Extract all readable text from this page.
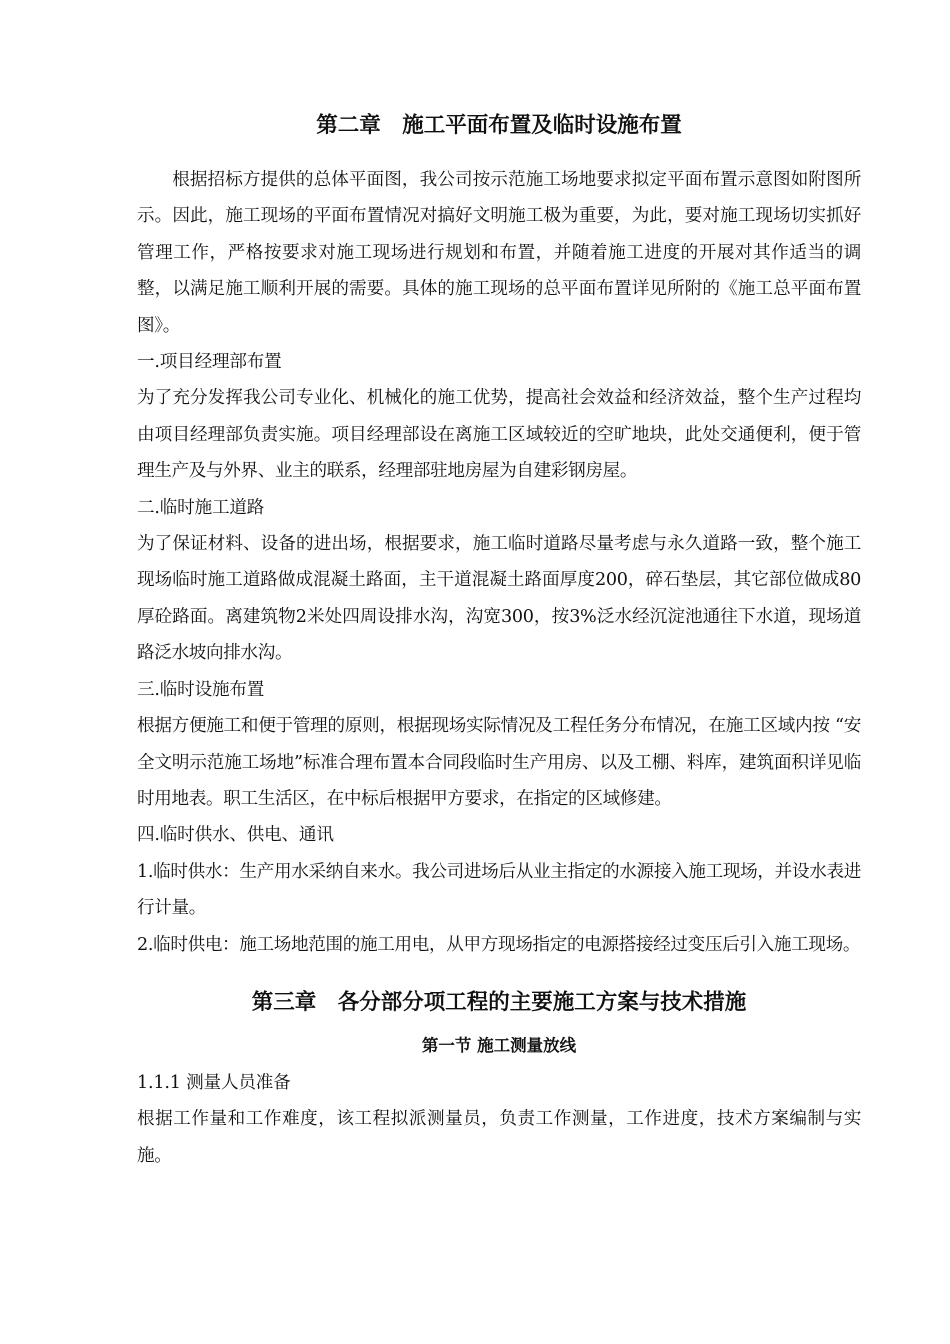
第二章　施工平面布置及临时设施布置

根据招标方提供的总体平面图，我公司按示范施工场地要求拟定平面布置示意图如附图所示。因此，施工现场的平面布置情况对搞好文明施工极为重要，为此，要对施工现场切实抓好管理工作，严格按要求对施工现场进行规划和布置，并随着施工进度的开展对其作适当的调整，以满足施工顺利开展的需要。具体的施工现场的总平面布置详见所附的《施工总平面布置图》。

一.项目经理部布置

为了充分发挥我公司专业化、机械化的施工优势，提高社会效益和经济效益，整个生产过程均由项目经理部负责实施。项目经理部设在离施工区域较近的空旷地块，此处交通便利，便于管理生产及与外界、业主的联系，经理部驻地房屋为自建彩钢房屋。

二.临时施工道路

为了保证材料、设备的进出场，根据要求，施工临时道路尽量考虑与永久道路一致，整个施工现场临时施工道路做成混凝土路面，主干道混凝土路面厚度200，碎石垫层，其它部位做成80厚砼路面。离建筑物2米处四周设排水沟，沟宽300，按3%泛水经沉淀池通往下水道，现场道路泛水坡向排水沟。

三.临时设施布置

根据方便施工和便于管理的原则，根据现场实际情况及工程任务分布情况，在施工区域内按 “安全文明示范施工场地”标准合理布置本合同段临时生产用房、以及工棚、料库，建筑面积详见临时用地表。职工生活区，在中标后根据甲方要求，在指定的区域修建。

四.临时供水、供电、通讯

1.临时供水：生产用水采纳自来水。我公司进场后从业主指定的水源接入施工现场，并设水表进行计量。

2.临时供电：施工场地范围的施工用电，从甲方现场指定的电源搭接经过变压后引入施工现场。

第三章　各分部分项工程的主要施工方案与技术措施
第一节 施工测量放线
1.1.1 测量人员准备

根据工作量和工作难度，该工程拟派测量员，负责工作测量，工作进度，技术方案编制与实施。
